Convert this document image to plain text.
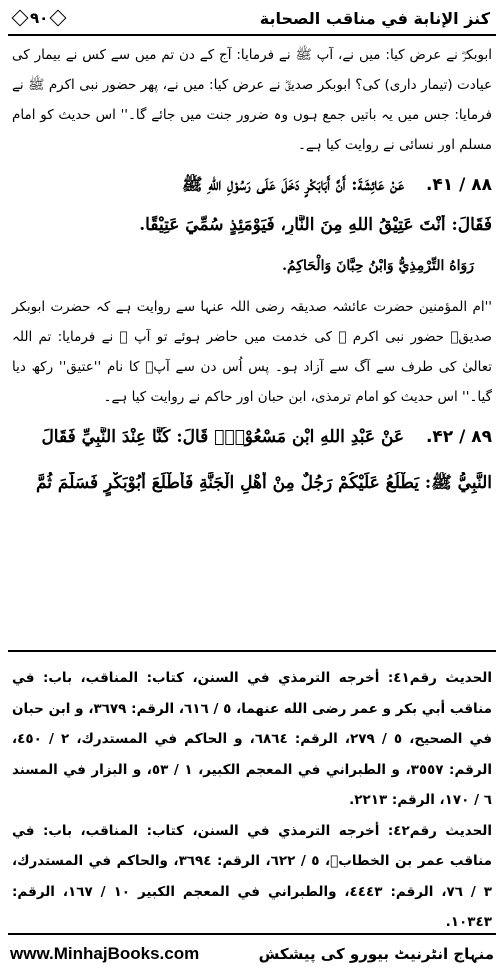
كنز الإنابة في مناقب الصحابة
۹۰
ابوبکرؓ نے عرض کیا: میں نے، آپ ﷺ نے فرمایا: آج کے دن تم میں سے کس نے بیمار کی عیادت (تیمار داری) کی؟ ابوبکر صدیقؓ نے عرض کیا: میں نے، پھر حضور نبی اکرم ﷺ نے فرمایا: جس میں یہ باتیں جمع ہوں وہ ضرور جنت میں جائے گا۔'' اس حدیث کو امام مسلم اور نسائی نے روایت کیا ہے۔
۸۸ / ۴۱. عَنْ عَائِشَةَ: أَنَّ أَبَابَكْرٍ دَخَلَ عَلَى رَسُوْلِ اللهِ ﷺ
فَقَالَ: أَنْتَ عَتِيْقُ اللهِ مِنَ النَّارِ، فَيَوْمَئِذٍ سُمِّيَ عَتِيْقًا.
رَوَاهُ التِّرْمِذِيُّ وَابْنُ حِبَّانَ وَالْحَاكِمُ.
''ام المؤمنین حضرت عائشہ صدیقہ رضی اللہ عنہا سے روایت ہے کہ حضرت ابوبکر صدیقؓ حضور نبی اکرم ﷺ کی خدمت میں حاضر ہوئے تو آپ ﷺ نے فرمایا: تم اللہ تعالیٰ کی طرف سے آگ سے آزاد ہو۔ پس اُس دن سے آپؓ کا نام ''عتیق'' رکھ دیا گیا۔'' اس حدیث کو امام ترمذی، ابن حبان اور حاکم نے روایت کیا ہے۔
۸۹ / ۴۲. عَنْ عَبْدِ اللهِ ابْنِ مَسْعُوْدٍؓ قَالَ: كُنَّا عِنْدَ النَّبِيِّ فَقَالَ
النَّبِيُّ ﷺ: يَطْلُعُ عَلَيْكُمْ رَجُلٌ مِنْ أَهْلِ الْجَنَّةِ فَأَطْلَعَ أَبُوْبَكْرٍ فَسَلَّمَ ثُمَّ

الحديث رقم٤١: أخرجه الترمذي في السنن، كتاب: المناقب، باب: في مناقب أبي بكر و عمر رضى الله عنهما، ٥ / ٦١٦، الرقم: ٣٦٧٩، و ابن حبان في الصحيح، ٥ / ٢٧٩، الرقم: ٦٨٦٤، و الحاكم في المستدرك، ٢ / ٤٥٠، الرقم: ٣٥٥٧، و الطبراني في المعجم الكبير، ١ / ٥٣، و البزار في المسند ٦ / ١٧٠، الرقم: ٢٢١٣.

الحديث رقم٤٢: أخرجه الترمذي في السنن، كتاب: المناقب، باب: في مناقب عمر بن الخطابؓ، ٥ / ٦٢٢، الرقم: ٣٦٩٤، والحاكم في المستدرك، ٣ / ٧٦، الرقم: ٤٤٤٣، والطبراني في المعجم الكبير ١٠ / ١٦٧، الرقم: ١٠٣٤٣.

www.MinhajBooks.com	منہاج انٹرنیٹ بیورو کی پیشکش
